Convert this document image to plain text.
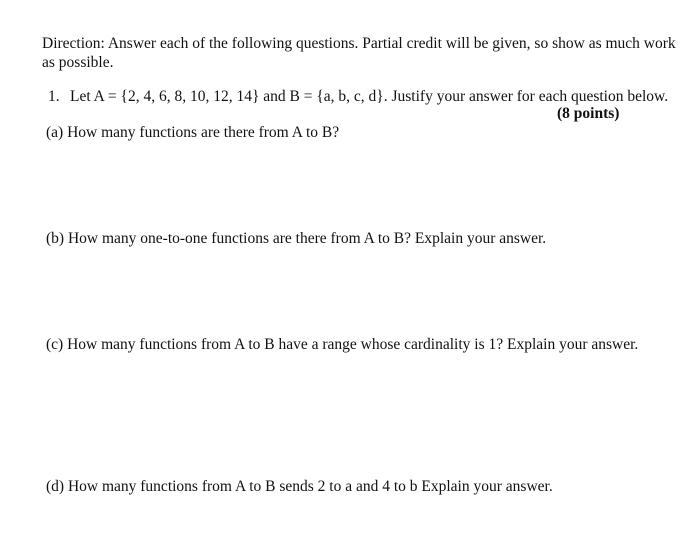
Direction: Answer each of the following questions. Partial credit will be given, so show as much work
as possible.
1. Let A = {2, 4, 6, 8, 10, 12, 14} and B = {a, b, c, d}. Justify your answer for each question below.
(8 points)
(a) How many functions are there from A to B?
(b) How many one-to-one functions are there from A to B? Explain your answer.
(c) How many functions from A to B have a range whose cardinality is 1? Explain your answer.
(d) How many functions from A to B sends 2 to a and 4 to b Explain your answer.
